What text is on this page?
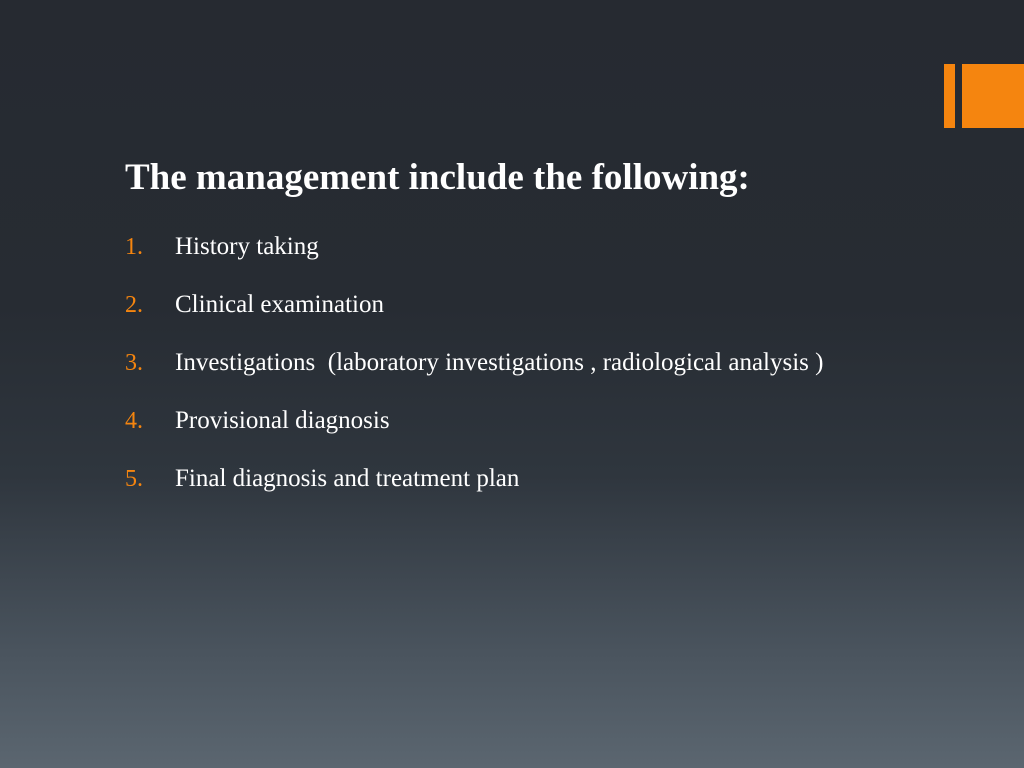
The management include the following:
1. History taking
2. Clinical examination
3. Investigations  (laboratory investigations , radiological analysis )
4. Provisional diagnosis
5. Final diagnosis and treatment plan
